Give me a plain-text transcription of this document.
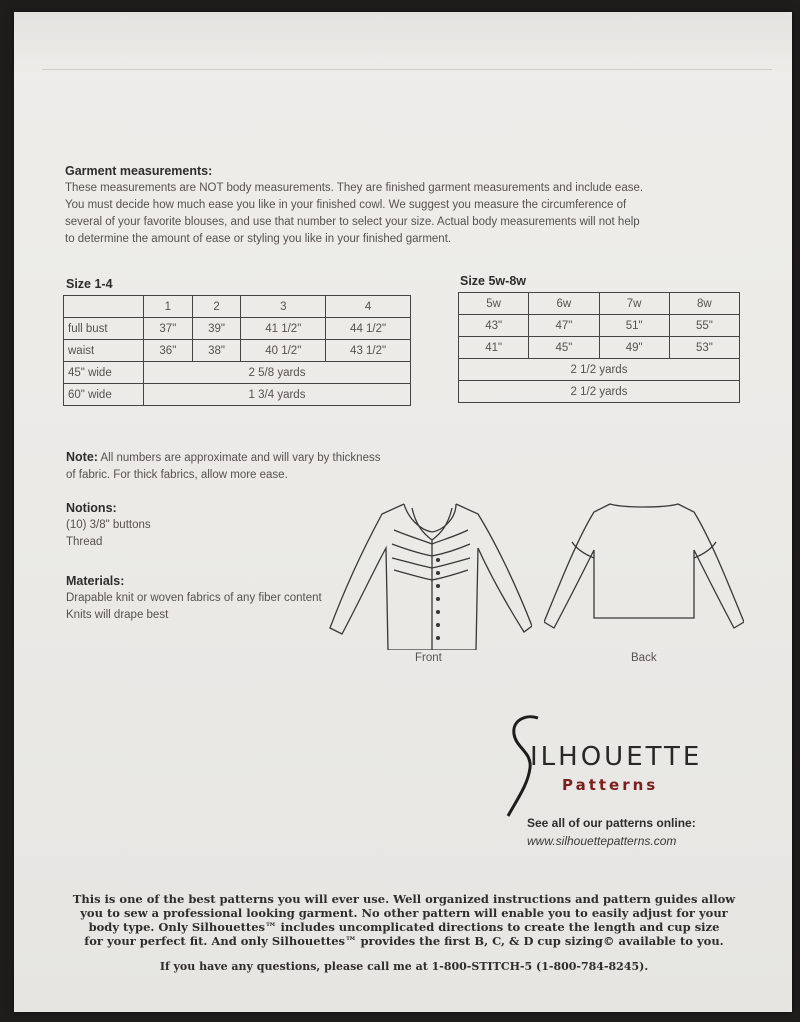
Garment measurements:
These measurements are NOT body measurements. They are finished garment measurements and include ease.
You must decide how much ease you like in your finished cowl. We suggest you measure the circumference of
several of your favorite blouses, and use that number to select your size. Actual body measurements will not help
to determine the amount of ease or styling you like in your finished garment.
Size 1-4
	1	2	3	4
full bust	37"	39"	41 1/2"	44 1/2"
waist	36"	38"	40 1/2"	43 1/2"
45" wide	2 5/8 yards			
60" wide	1 3/4 yards			
Size 5w-8w
5w	6w	7w	8w
43"	47"	51"	55"
41"	45"	49"	53"
2 1/2 yards			
2 1/2 yards			
Note: All numbers are approximate and will vary by thickness
of fabric. For thick fabrics, allow more ease.
Notions:
(10) 3/8" buttons
Thread
Materials:
Drapable knit or woven fabrics of any fiber content
Knits will drape best
Front	Back
ILHOUETTE
Patterns
See all of our patterns online:
www.silhouettepatterns.com
This is one of the best patterns you will ever use. Well organized instructions and pattern guides allow
you to sew a professional looking garment. No other pattern will enable you to easily adjust for your
body type. Only Silhouettes™ includes uncomplicated directions to create the length and cup size
for your perfect fit. And only Silhouettes™ provides the first B, C, & D cup sizing© available to you.
If you have any questions, please call me at 1-800-STITCH-5 (1-800-784-8245).
